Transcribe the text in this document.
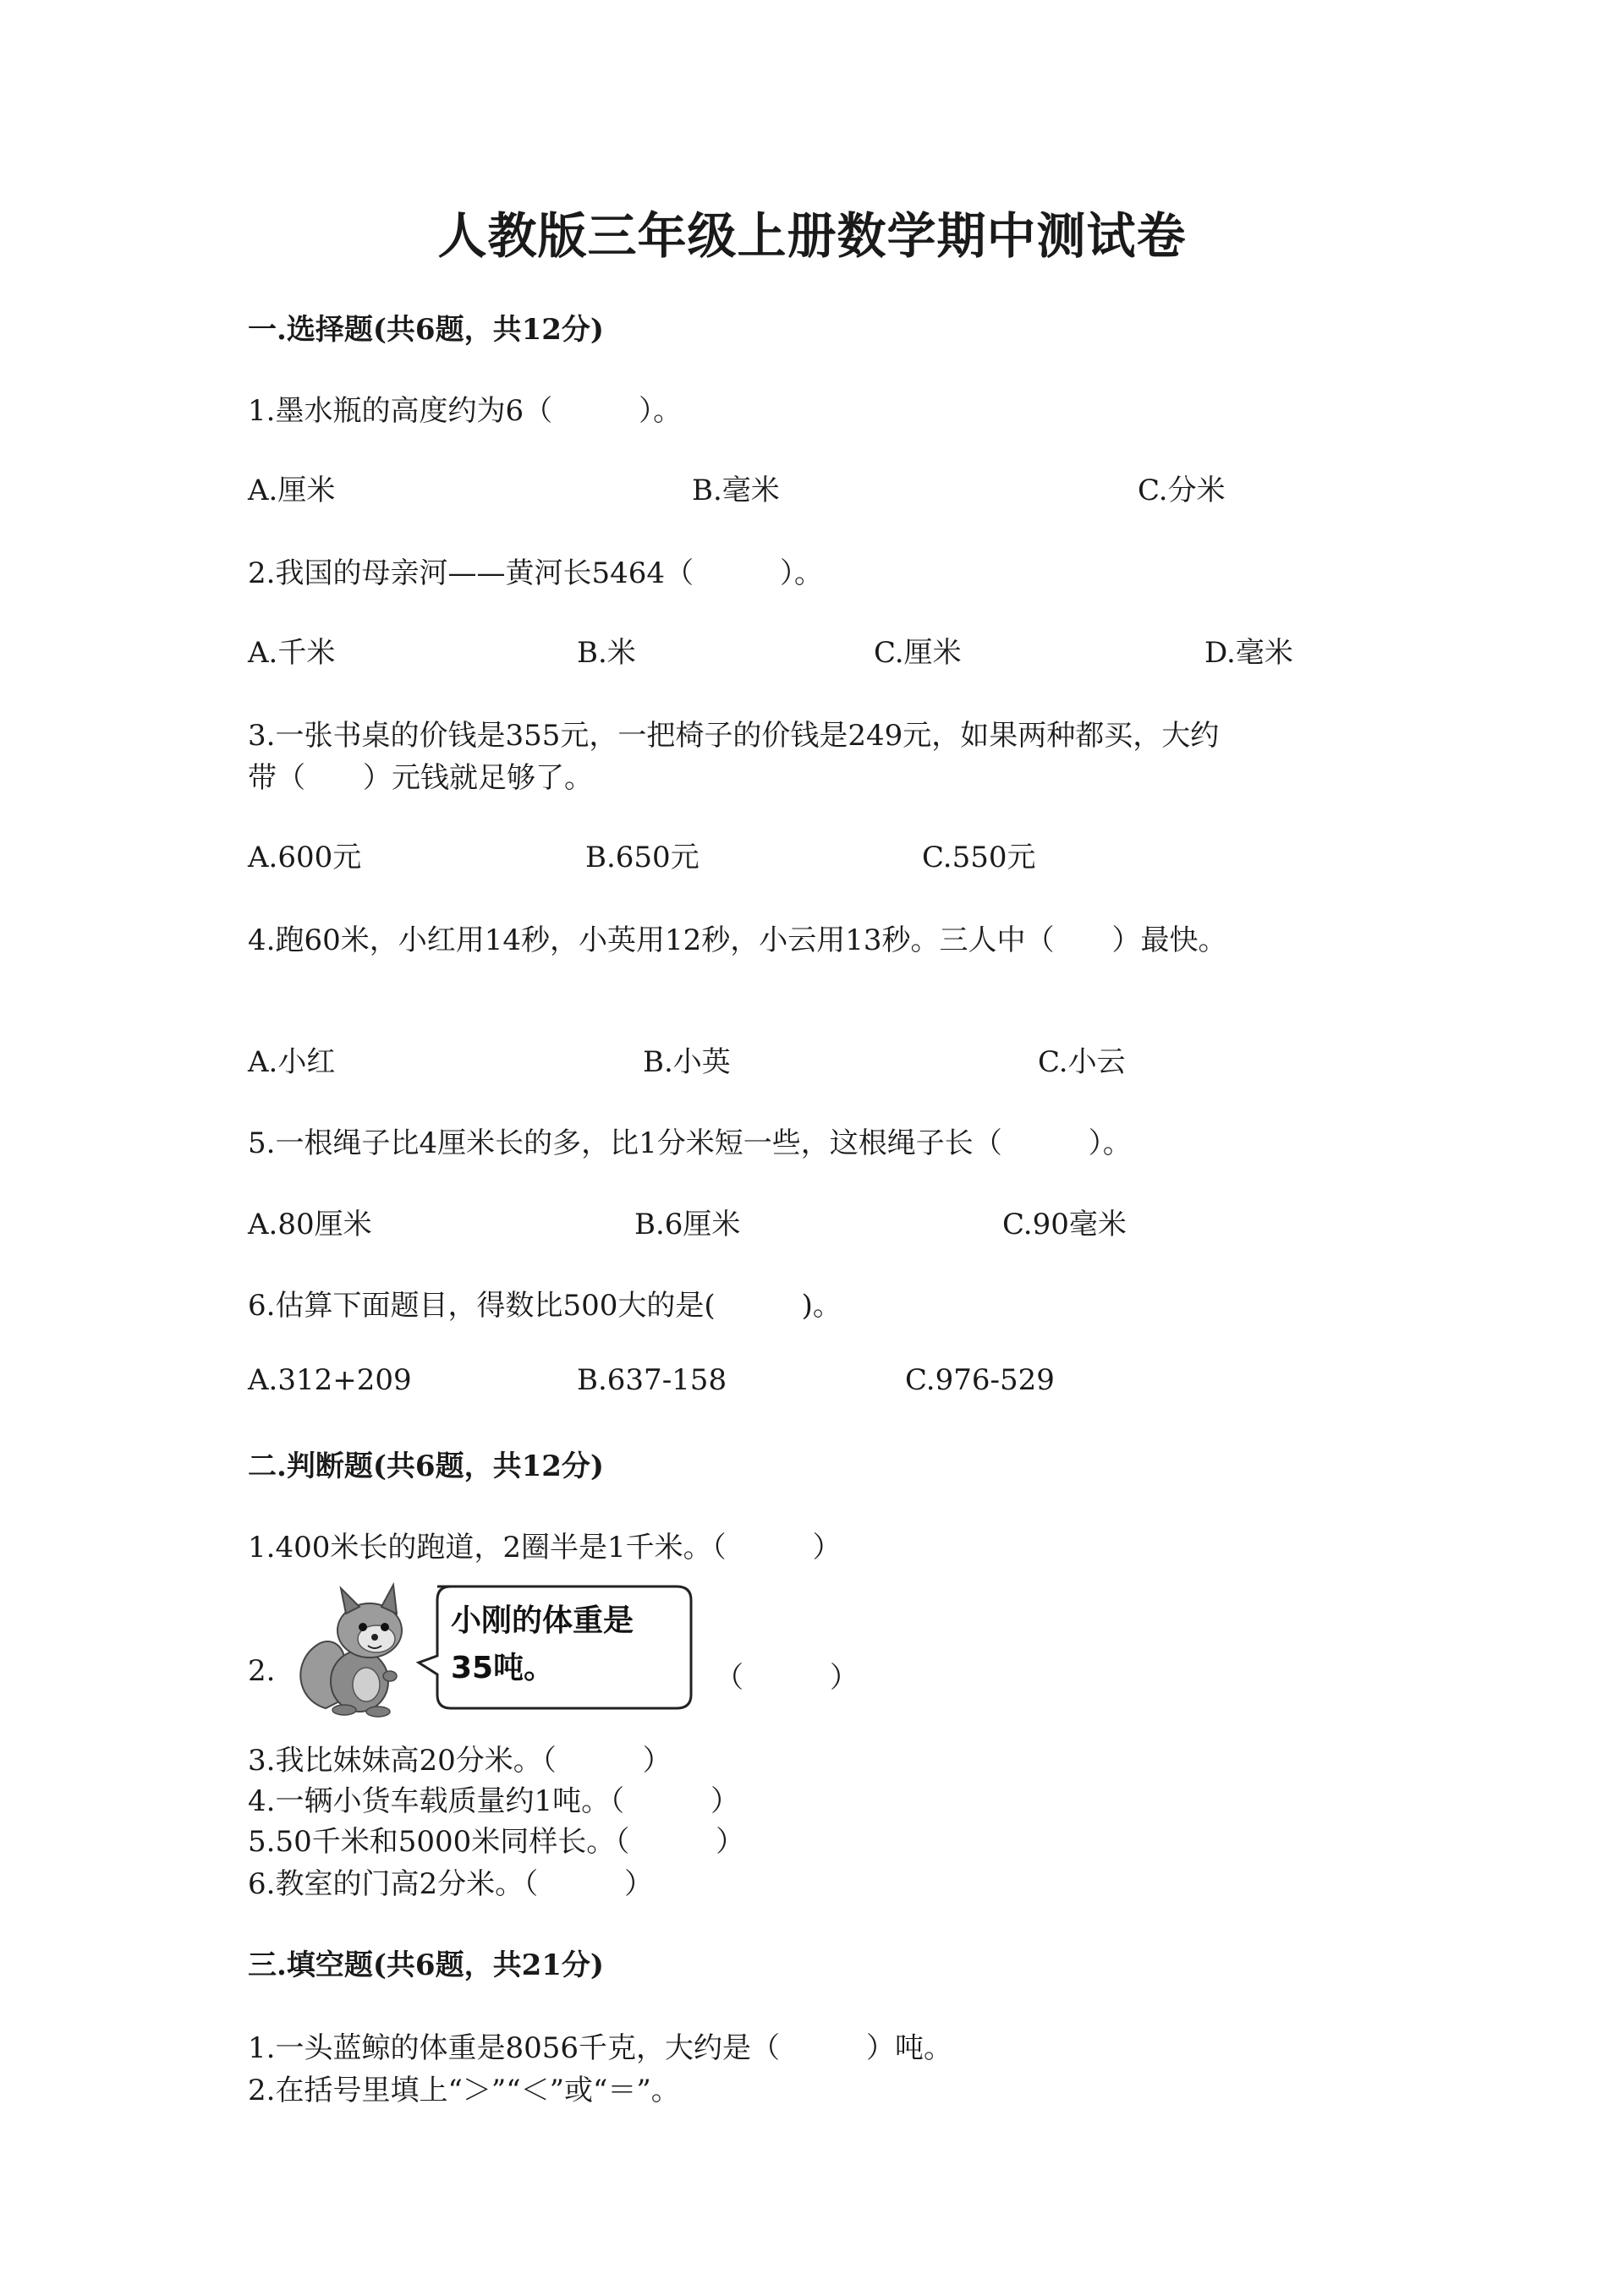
人教版三年级上册数学期中测试卷
一.选择题(共6题，共12分)
1.墨水瓶的高度约为6（　　　）。
A.厘米	B.毫米	C.分米
2.我国的母亲河——黄河长5464（　　　）。
A.千米	B.米	C.厘米	D.毫米
3.一张书桌的价钱是355元，一把椅子的价钱是249元，如果两种都买，大约
带（　　）元钱就足够了。
A.600元	B.650元	C.550元
4.跑60米，小红用14秒，小英用12秒，小云用13秒。三人中（　　）最快。
A.小红	B.小英	C.小云
5.一根绳子比4厘米长的多，比1分米短一些，这根绳子长（　　　）。
A.80厘米	B.6厘米	C.90毫米
6.估算下面题目，得数比500大的是(　　　)。
A.312+209	B.637-158	C.976-529
二.判断题(共6题，共12分)
1.400米长的跑道，2圈半是1千米。（　　　）
2.
小刚的体重是
35吨。	（　　　）
3.我比妹妹高20分米。（　　　）
4.一辆小货车载质量约1吨。（　　　）
5.50千米和5000米同样长。（　　　）
6.教室的门高2分米。（　　　）
三.填空题(共6题，共21分)
1.一头蓝鲸的体重是8056千克，大约是（　　　）吨。
2.在括号里填上“＞”“＜”或“＝”。
